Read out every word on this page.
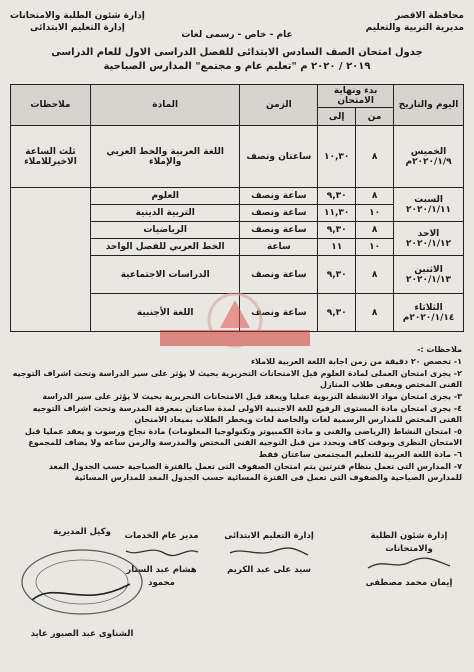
محافظة الاقصر
مديرية التربية والتعليم
إدارة شئون الطلبة والامتحانات
إدارة التعليم الابتدائى
عام - خاص - رسمى لغات
جدول امتحان الصف السادس الابتدائى للفصل الدراسى الاول للعام الدراسى
٢٠١٩ / ٢٠٢٠ م "تعليم عام و مجتمع" المدارس الصباحية
اليوم والتاريخ	بدء ونهاية الامتحان		الزمن	المادة	ملاحظات
	من	إلى			

الخميس
٢٠٢٠/١/٩م	٨	١٠,٣٠	ساعتان ونصف	اللغة العربية والخط العربي والإملاء	ثلث الساعة الاخيرللاملاء

السبت
٢٠٢٠/١/١١	٨	٩,٣٠	ساعة ونصف	العلوم	
	١٠	١١,٣٠	ساعة ونصف	التربية الدينية	

الاحد
٢٠٢٠/١/١٢	٨	٩,٣٠	ساعة ونصف	الرياضيات	
	١٠	١١	ساعة	الخط العربي للفصل الواحد	

الاثنين
٢٠٢٠/١/١٣	٨	٩,٣٠	ساعة ونصف	الدراسات الاجتماعية	

الثلاثاء
٢٠٢٠/١/١٤م	٨	٩,٣٠	ساعة ونصف	اللغة الأجنبية	

ملاحظات :-

١- تخصص ٢٠ دقيقة من زمن اجابة اللغة العربية للاملاء

٢- يجرى امتحان العملى لمادة العلوم قبل الامتحانات التحريرية بحيث لا يؤثر على سير الدراسة وتحت اشراف التوجيه الفنى المختص ويعفى طلاب المنازل

٣- يجرى امتحان مواد الانشطة التربوية عمليا ويعقد قبل الامتحانات التحريرية بحيث لا يؤثر على سير الدراسة

٤- يجرى امتحان مادة المستوى الرفيع للغة الاجنبية الاولى لمدة ساعتان بمعرفة المدرسة وتحت اشراف التوجيه الفنى المختص للمدارس الرسمية لغات والخاصة لغات ويخطر الطلاب بميعاد الامتحان

٥- امتحان النشاط (الرياضى والفنى و مادة الكمبيوتر وتكنولوجيا المعلومات) مادة نجاح ورسوب و يعقد عمليا قبل الامتحان النظرى وبوقت كاف ويحدد من قبل التوجيه الفنى المختص والمدرسة والزمن ساعه ولا يضاف للمجموع

٦- مادة اللغة العربية للتعليم المجتمعى ساعتان فقط

٧- المدارس التى تعمل بنظام فترتين يتم امتحان الصفوف التى تعمل بالفترة الصباحية حسب الجدول المعد للمدارس الصباحية والصفوف التى تعمل فى الفترة المسائية حسب الجدول المعد للمدارس المسائية

إدارة شئون الطلبة والامتحانات
إيمان محمد مصطفى
إدارة التعليم الابتدائى
سيد على عبد الكريم
مدير عام الخدمات
هشام عبد الستار محمود
وكيل المديرية
الشناوى عبد الصبور عايد
